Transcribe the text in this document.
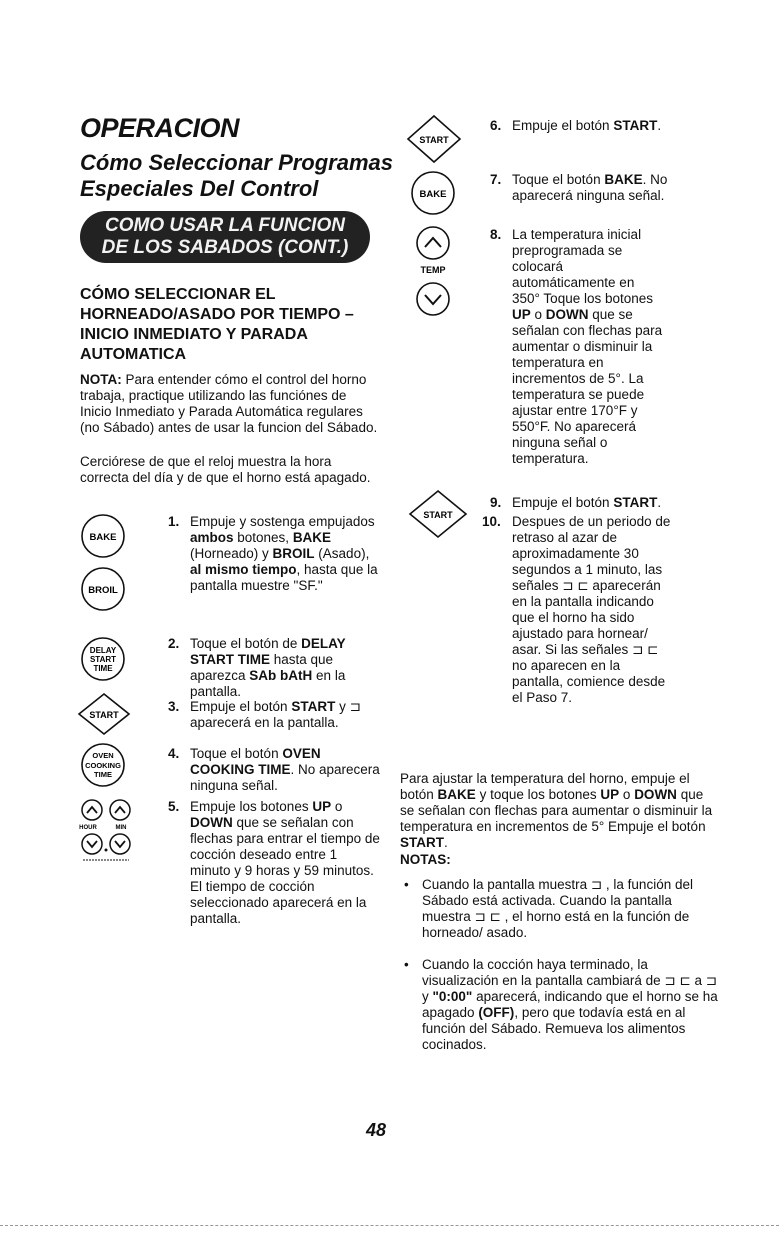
OPERACION
Cómo Seleccionar Programas Especiales Del Control
COMO USAR LA FUNCION DE LOS SABADOS (CONT.)
CÓMO SELECCIONAR EL HORNEADO/ASADO POR TIEMPO – INICIO INMEDIATO Y PARADA AUTOMATICA
NOTA: Para entender cómo el control del horno trabaja, practique utilizando las funciónes de Inicio Inmediato y Parada Automática regulares (no Sábado) antes de usar la funcion del Sábado.
Cerciórese de que el reloj muestra la hora correcta del día y de que el horno está apagado.
BAKE
BROIL
DELAY
START
TIME
START
OVEN
COOKING
TIME
HOUR	MIN
1. Empuje y sostenga empujados ambos botones, BAKE (Horneado) y BROIL (Asado), al mismo tiempo, hasta que la pantalla muestre "SF."
2. Toque el botón de DELAY START TIME hasta que aparezca SAb bAtH en la pantalla.
3. Empuje el botón START y ⊐ aparecerá en la pantalla.
4. Toque el botón OVEN COOKING TIME. No aparecera ninguna señal.
5. Empuje los botones UP o DOWN que se señalan con flechas para entrar el tiempo de cocción deseado entre 1 minuto y 9 horas y 59 minutos. El tiempo de cocción seleccionado aparecerá en la pantalla.
START
BAKE
TEMP
START
6. Empuje el botón START.
7. Toque el botón BAKE. No aparecerá ninguna señal.
8. La temperatura inicial preprogramada se colocará automáticamente en 350° Toque los botones UP o DOWN que se señalan con flechas para aumentar o disminuir la temperatura en incrementos de 5°. La temperatura se puede ajustar entre 170°F y 550°F. No aparecerá ninguna señal o temperatura.
9. Empuje el botón START.
10. Despues de un periodo de retraso al azar de aproximadamente 30 segundos a 1 minuto, las señales ⊐ ⊏ aparecerán en la pantalla indicando que el horno ha sido ajustado para hornear/ asar. Si las señales ⊐ ⊏ no aparecen en la pantalla, comience desde el Paso 7.
Para ajustar la temperatura del horno, empuje el botón BAKE y toque los botones UP o DOWN que se señalan con flechas para aumentar o disminuir la temperatura en incrementos de 5° Empuje el botón START.
NOTAS:
• Cuando la pantalla muestra ⊐ , la función del Sábado está activada. Cuando la pantalla muestra ⊐ ⊏ , el horno está en la función de horneado/ asado.
• Cuando la cocción haya terminado, la visualización en la pantalla cambiará de ⊐ ⊏ a ⊐ y "0:00" aparecerá, indicando que el horno se ha apagado (OFF), pero que todavía está en al función del Sábado. Remueva los alimentos cocinados.
48
